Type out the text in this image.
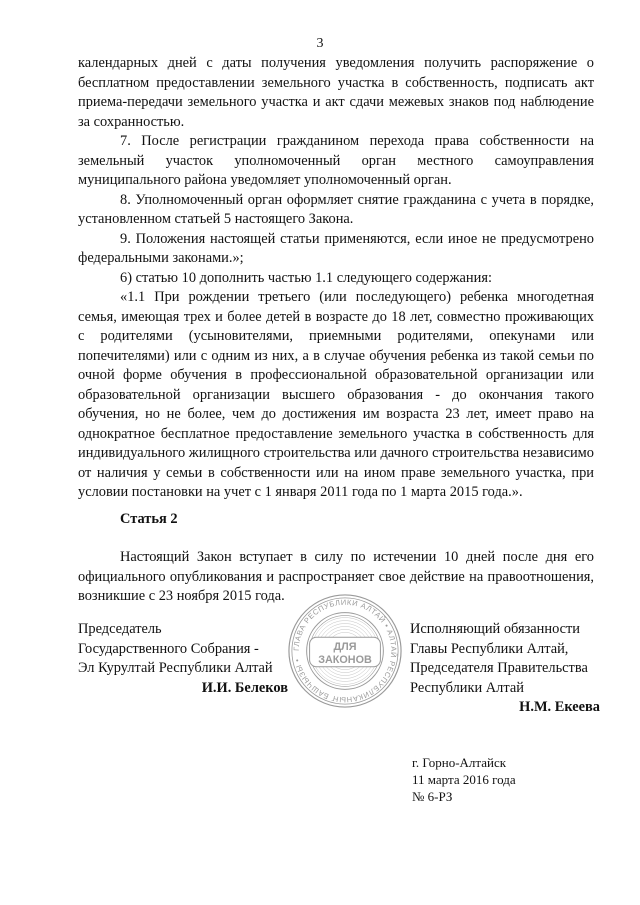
3

календарных дней с даты получения уведомления получить распоряжение о бесплатном предоставлении земельного участка в собственность, подписать акт приема-передачи земельного участка и акт сдачи межевых знаков под наблюдение за сохранностью.

7. После регистрации гражданином перехода права собственности на земельный участок уполномоченный орган местного самоуправления муниципального района уведомляет уполномоченный орган.

8. Уполномоченный орган оформляет снятие гражданина с учета в порядке, установленном статьей 5 настоящего Закона.

9. Положения настоящей статьи применяются, если иное не предусмотрено федеральными законами.»;

6) статью 10 дополнить частью 1.1 следующего содержания:

«1.1 При рождении третьего (или последующего) ребенка многодетная семья, имеющая трех и более детей в возрасте до 18 лет, совместно проживающих с родителями (усыновителями, приемными родителями, опекунами или попечителями) или с одним из них, а в случае обучения ребенка из такой семьи по очной форме обучения в профессиональной образовательной организации или образовательной организации высшего образования - до окончания такого обучения, но не более, чем до достижения им возраста 23 лет, имеет право на однократное бесплатное предоставление земельного участка в собственность для индивидуального жилищного строительства или дачного строительства независимо от наличия у семьи в собственности или на ином праве земельного участка, при условии постановки на учет с 1 января 2011 года по 1 марта 2015 года.».

Статья 2

Настоящий Закон вступает в силу по истечении 10 дней после дня его официального опубликования и распространяет свое действие на правоотношения, возникшие с 23 ноября 2015 года.

Председатель
Государственного Собрания -
Эл Курултай Республики Алтай
И.И. Белеков
ГЛАВА РЕСПУБЛИКИ АЛТАЙ • АЛТАЙ РЕСПУБЛИКАНЫҤ БАШЧЫЗЫ •
ДЛЯ
ЗАКОНОВ
Исполняющий обязанности
Главы Республики Алтай,
Председателя Правительства
Республики Алтай
Н.М. Екеева
г. Горно-Алтайск
11 марта 2016 года
№ 6-РЗ
